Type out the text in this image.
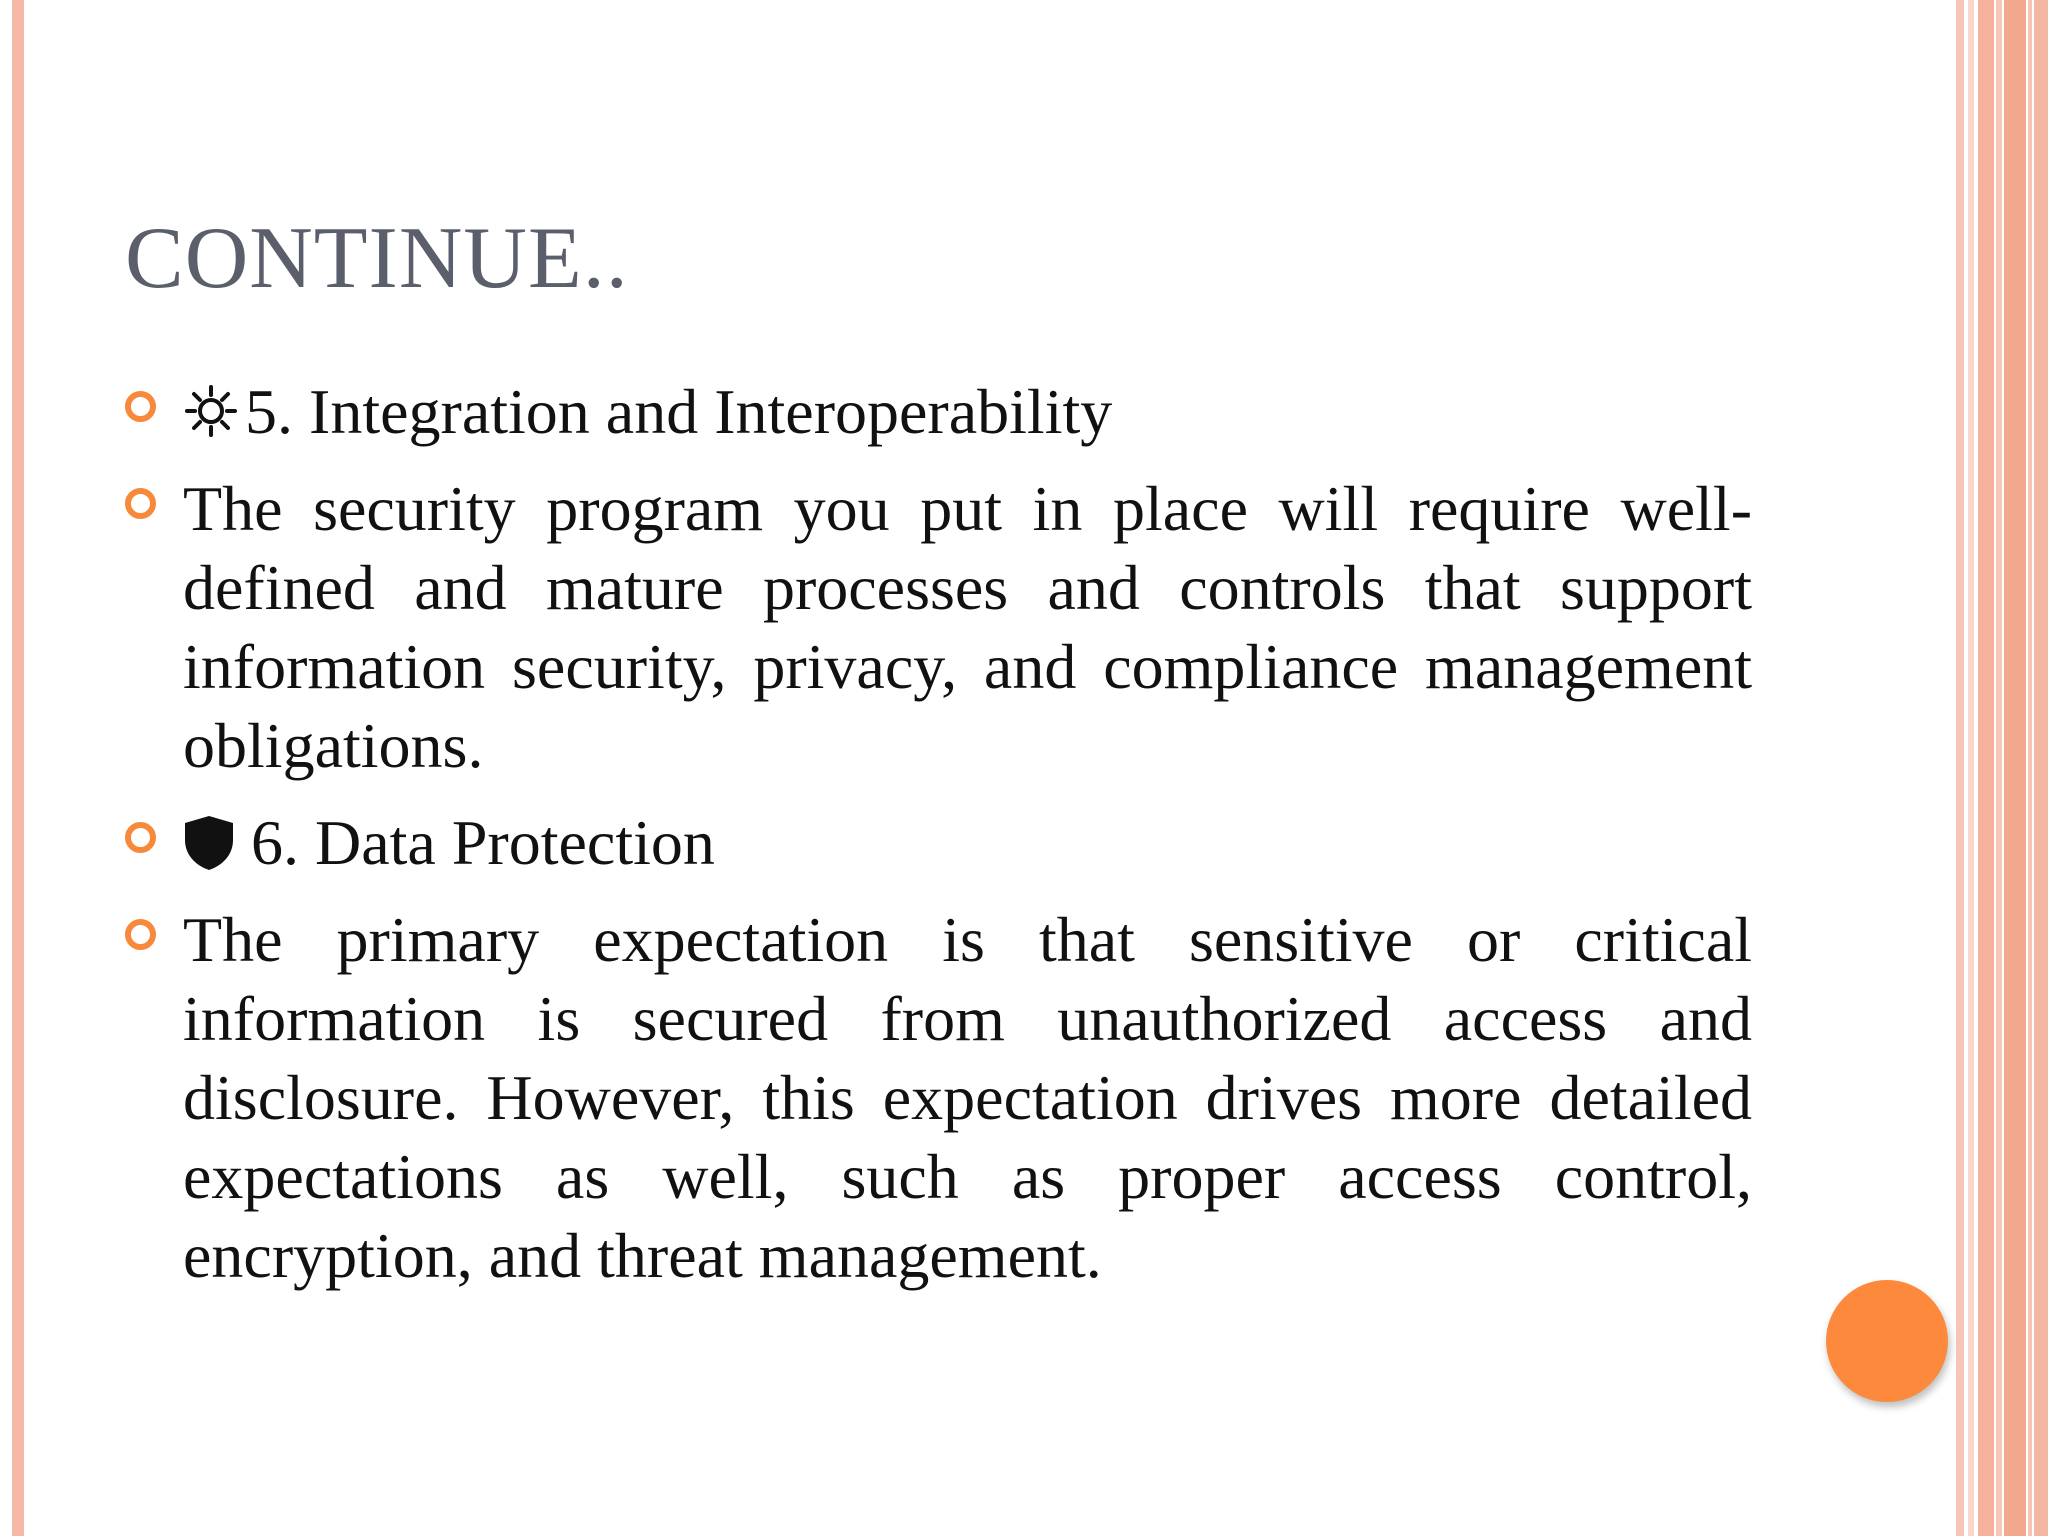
CONTINUE..

5. Integration and Interoperability

The security program you put in place will require well-defined and mature processes and controls that support information security, privacy, and compliance management obligations.

6. Data Protection

The primary expectation is that sensitive or critical information is secured from unauthorized access and disclosure. However, this expectation drives more detailed expectations as well, such as proper access control, encryption, and threat management.
